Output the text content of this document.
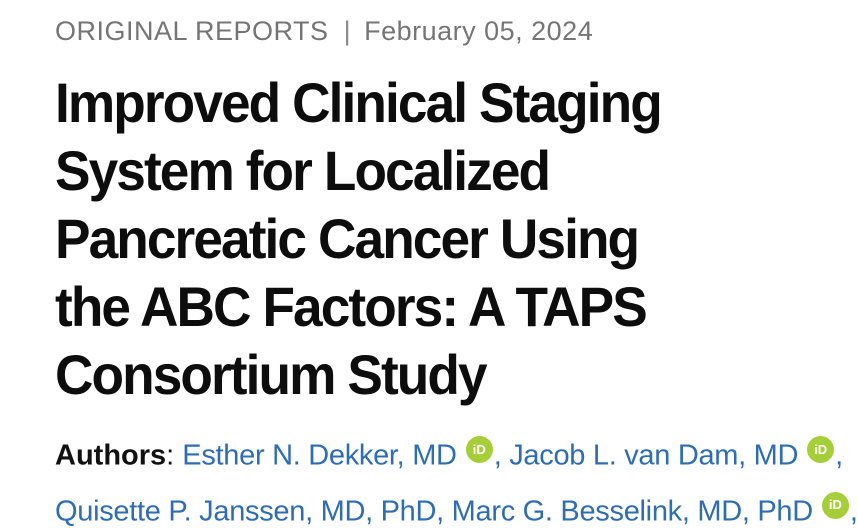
ORIGINAL REPORTS | February 05, 2024
Improved Clinical Staging
System for Localized
Pancreatic Cancer Using
the ABC Factors: A TAPS
Consortium Study

Authors: Esther N. Dekker, MD iD , Jacob L. van Dam, MD iD ,
Quisette P. Janssen, MD, PhD, Marc G. Besselink, MD, PhD iD ,
